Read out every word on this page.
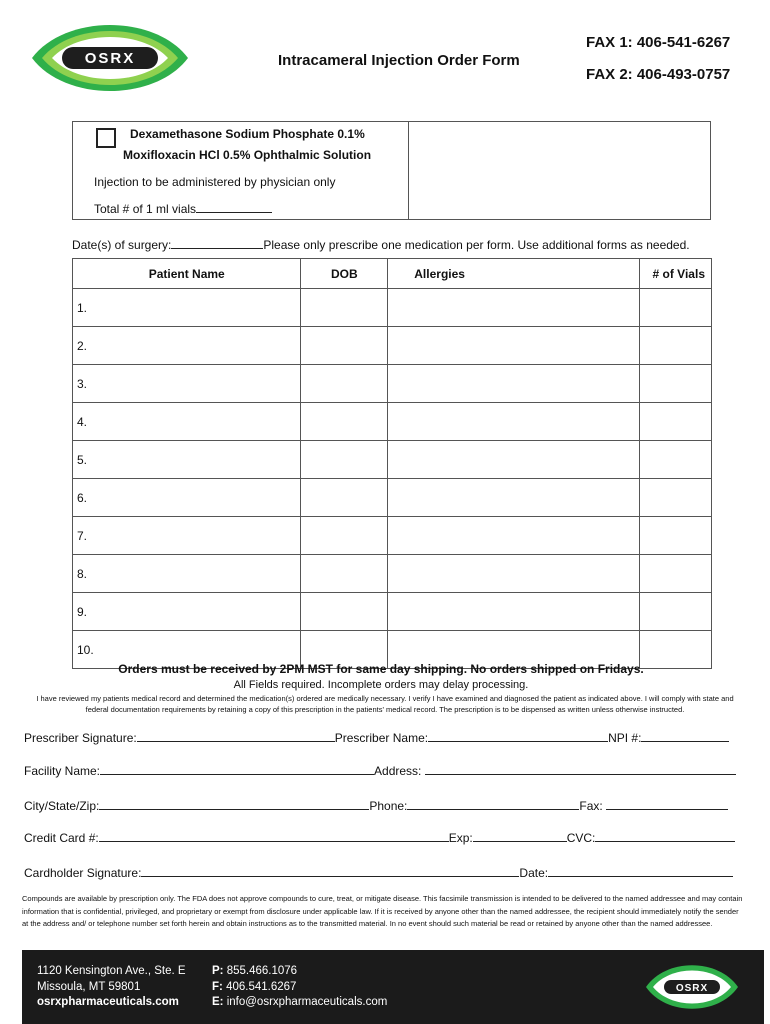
OSRX	Intracameral Injection Order Form
FAX 1: 406-541-6267
FAX 2: 406-493-0757
Dexamethasone Sodium Phosphate 0.1%
Moxifloxacin HCl 0.5% Ophthalmic Solution
Injection to be administered by physician only
Total # of 1 ml vials
Date(s) of surgery:	Please only prescribe one medication per form. Use additional forms as needed.
Patient Name	DOB	Allergies	# of Vials
1.			
2.			
3.			
4.			
5.			
6.			
7.			
8.			
9.			
10.			
Orders must be received by 2PM MST for same day shipping. No orders shipped on Fridays.
All Fields required. Incomplete orders may delay processing.
I have reviewed my patients medical record and determined the medication(s) ordered are medically necessary. I verify I have examined and diagnosed the patient as indicated above. I will comply with state and federal documentation requirements by retaining a copy of this prescription in the patients' medical record. The prescription is to be dispensed as written unless otherwise instructed.
Prescriber Signature:	Prescriber Name:	NPI #:
Facility Name:	Address:
City/State/Zip:	Phone:	Fax:
Credit Card #:	Exp:	CVC:
Cardholder Signature:	Date:
Compounds are available by prescription only. The FDA does not approve compounds to cure, treat, or mitigate disease. This facsimile transmission is intended to be delivered to the named addressee and may contain information that is confidential, privileged, and proprietary or exempt from disclosure under applicable law. If it is received by anyone other than the named addressee, the recipient should immediately notify the sender at the address and/ or telephone number set forth herein and obtain instructions as to the transmitted material. In no event should such material be read or retained by anyone other than the named addressee.
1120 Kensington Ave., Ste. E
Missoula, MT 59801
osrxpharmaceuticals.com
P: 855.466.1076
F: 406.541.6267
E: info@osrxpharmaceuticals.com
OSRX
